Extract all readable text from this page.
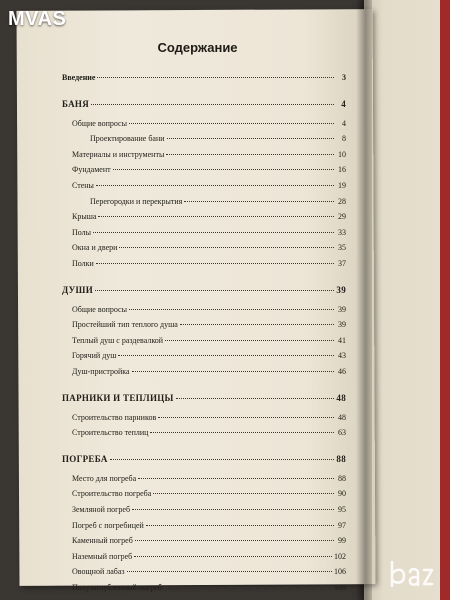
Содержание
Введение	3
БАНЯ	4
Общие вопросы	4
Проектирование бани	8
Материалы и инструменты	10
Фундамент	16
Стены	19
Перегородки и перекрытия	28
Крыша	29
Полы	33
Окна и двери	35
Полки	37
ДУШИ	39
Общие вопросы	39
Простейший тип теплого душа	39
Теплый душ с раздевалкой	41
Горячий душ	43
Душ-пристройка	46
ПАРНИКИ И ТЕПЛИЦЫ	48
Строительство парников	48
Строительство теплиц	63
ПОГРЕБА	88
Место для погреба	88
Строительство погреба	90
Земляной погреб	95
Погреб с погребицей	97
Каменный погреб	99
Наземный погреб	102
Овощной лабаз	106
Полузаглубленный погреб	108
MVAS
